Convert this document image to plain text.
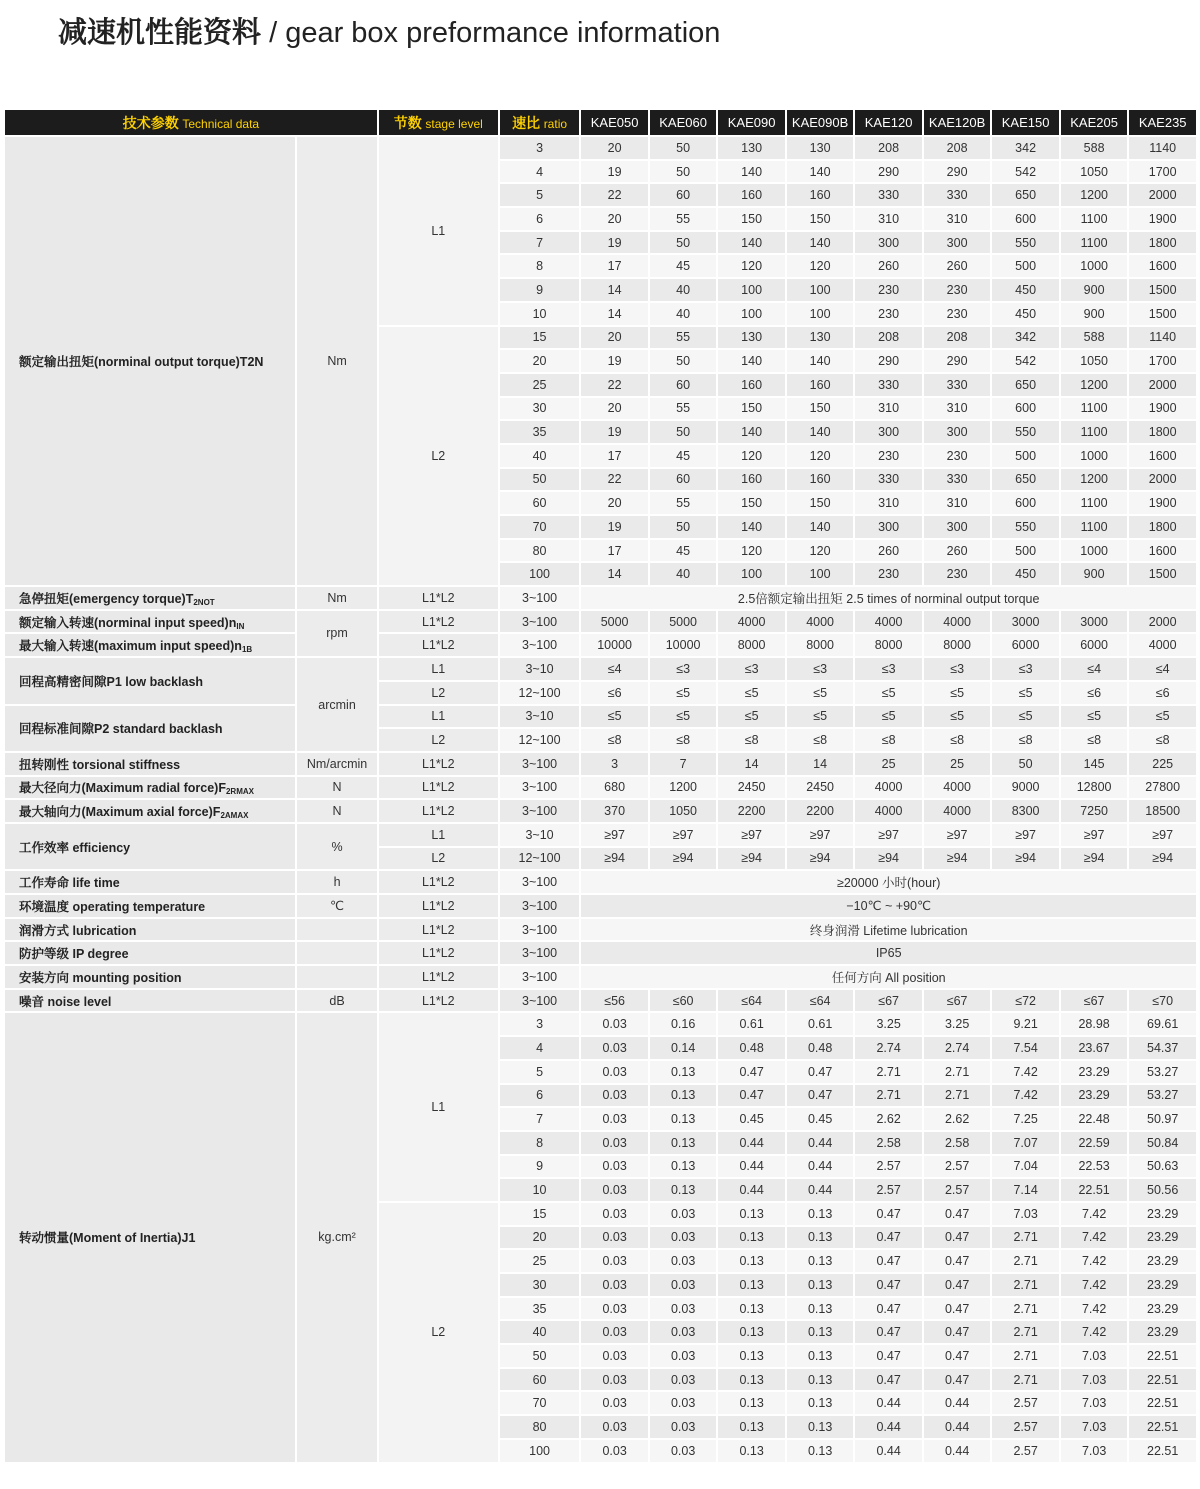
减速机性能资料 / gear box preformance information
技术参数 Technical data		节数 stage level	速比 ratio	KAE050	KAE060	KAE090	KAE090B	KAE120	KAE120B	KAE150	KAE205	KAE235
额定输出扭矩(norminal output torque)T2N	Nm	L1	3	20	50	130	130	208	208	342	588	1140
			4	19	50	140	140	290	290	542	1050	1700
			5	22	60	160	160	330	330	650	1200	2000
			6	20	55	150	150	310	310	600	1100	1900
			7	19	50	140	140	300	300	550	1100	1800
			8	17	45	120	120	260	260	500	1000	1600
			9	14	40	100	100	230	230	450	900	1500
			10	14	40	100	100	230	230	450	900	1500
		L2	15	20	55	130	130	208	208	342	588	1140
			20	19	50	140	140	290	290	542	1050	1700
			25	22	60	160	160	330	330	650	1200	2000
			30	20	55	150	150	310	310	600	1100	1900
			35	19	50	140	140	300	300	550	1100	1800
			40	17	45	120	120	230	230	500	1000	1600
			50	22	60	160	160	330	330	650	1200	2000
			60	20	55	150	150	310	310	600	1100	1900
			70	19	50	140	140	300	300	550	1100	1800
			80	17	45	120	120	260	260	500	1000	1600
			100	14	40	100	100	230	230	450	900	1500
急停扭矩(emergency $torque)T_{2NOT}$	Nm	L1*L2	3~100	2.5倍额定输出扭矩 2.5 times of norminal output torque								
额定输入转速(norminal input $speed)n_{IN}$	rpm	L1*L2	3~100	5000	5000	4000	4000	4000	4000	3000	3000	2000
最大输入转速(maximum input $speed)n_{1B}$		L1*L2	3~100	10000	10000	8000	8000	8000	8000	6000	6000	4000
回程高精密间隙P1 low backlash	arcmin	L1	3~10	≤4	≤3	≤3	≤3	≤3	≤3	≤3	≤4	≤4
		L2	12~100	≤6	≤5	≤5	≤5	≤5	≤5	≤5	≤6	≤6
回程标准间隙P2 standard backlash		L1	3~10	≤5	≤5	≤5	≤5	≤5	≤5	≤5	≤5	≤5
		L2	12~100	≤8	≤8	≤8	≤8	≤8	≤8	≤8	≤8	≤8
扭转刚性 torsional stiffness	Nm/arcmin	L1*L2	3~100	3	7	14	14	25	25	50	145	225
最大径向力(Maximum radial $force)F_{2RMAX}$	N	L1*L2	3~100	680	1200	2450	2450	4000	4000	9000	12800	27800
最大轴向力(Maximum axial $force)F_{2AMAX}$	N	L1*L2	3~100	370	1050	2200	2200	4000	4000	8300	7250	18500
工作效率 efficiency	%	L1	3~10	≥97	≥97	≥97	≥97	≥97	≥97	≥97	≥97	≥97
		L2	12~100	≥94	≥94	≥94	≥94	≥94	≥94	≥94	≥94	≥94
工作寿命 life time	h	L1*L2	3~100	≥20000 小时(hour)								
环境温度 operating temperature	℃	L1*L2	3~100	−10℃ ~ +90℃								
润滑方式 lubrication		L1*L2	3~100	终身润滑 Lifetime lubrication								
防护等级 IP degree		L1*L2	3~100	IP65								
安装方向 mounting position		L1*L2	3~100	任何方向 All position								
噪音 noise level	dB	L1*L2	3~100	≤56	≤60	≤64	≤64	≤67	≤67	≤72	≤67	≤70
转动惯量(Moment of Inertia)J1	kg.cm²	L1	3	0.03	0.16	0.61	0.61	3.25	3.25	9.21	28.98	69.61
			4	0.03	0.14	0.48	0.48	2.74	2.74	7.54	23.67	54.37
			5	0.03	0.13	0.47	0.47	2.71	2.71	7.42	23.29	53.27
			6	0.03	0.13	0.47	0.47	2.71	2.71	7.42	23.29	53.27
			7	0.03	0.13	0.45	0.45	2.62	2.62	7.25	22.48	50.97
			8	0.03	0.13	0.44	0.44	2.58	2.58	7.07	22.59	50.84
			9	0.03	0.13	0.44	0.44	2.57	2.57	7.04	22.53	50.63
			10	0.03	0.13	0.44	0.44	2.57	2.57	7.14	22.51	50.56
		L2	15	0.03	0.03	0.13	0.13	0.47	0.47	7.03	7.42	23.29
			20	0.03	0.03	0.13	0.13	0.47	0.47	2.71	7.42	23.29
			25	0.03	0.03	0.13	0.13	0.47	0.47	2.71	7.42	23.29
			30	0.03	0.03	0.13	0.13	0.47	0.47	2.71	7.42	23.29
			35	0.03	0.03	0.13	0.13	0.47	0.47	2.71	7.42	23.29
			40	0.03	0.03	0.13	0.13	0.47	0.47	2.71	7.42	23.29
			50	0.03	0.03	0.13	0.13	0.47	0.47	2.71	7.03	22.51
			60	0.03	0.03	0.13	0.13	0.47	0.47	2.71	7.03	22.51
			70	0.03	0.03	0.13	0.13	0.44	0.44	2.57	7.03	22.51
			80	0.03	0.03	0.13	0.13	0.44	0.44	2.57	7.03	22.51
			100	0.03	0.03	0.13	0.13	0.44	0.44	2.57	7.03	22.51
